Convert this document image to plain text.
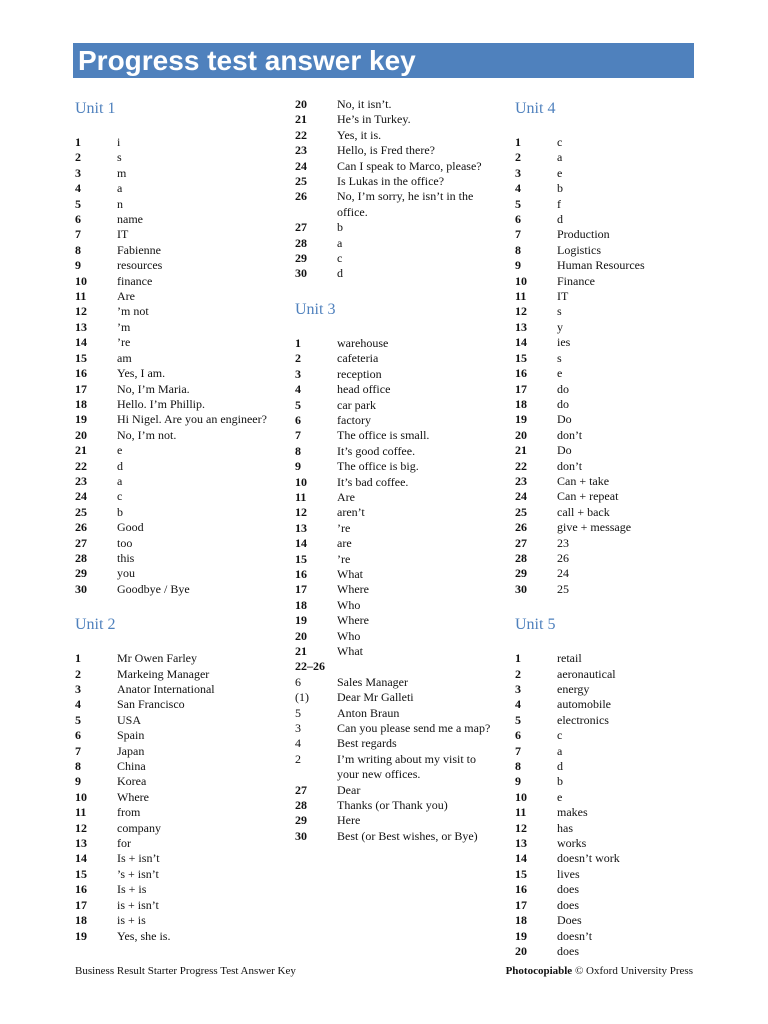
Progress test answer key
Unit 1
1	i
2	s
3	m
4	a
5	n
6	name
7	IT
8	Fabienne
9	resources
10	finance
11	Are
12	’m not
13	’m
14	’re
15	am
16	Yes, I am.
17	No, I’m Maria.
18	Hello. I’m Phillip.
19	Hi Nigel. Are you an engineer?
20	No, I’m not.
21	e
22	d
23	a
24	c
25	b
26	Good
27	too
28	this
29	you
30	Goodbye / Bye
Unit 2
1	Mr Owen Farley
2	Markeing Manager
3	Anator International
4	San Francisco
5	USA
6	Spain
7	Japan
8	China
9	Korea
10	Where
11	from
12	company
13	for
14	Is + isn’t
15	’s + isn’t
16	Is + is
17	is + isn’t
18	is + is
19	Yes, she is.
20	No, it isn’t.
21	He’s in Turkey.
22	Yes, it is.
23	Hello, is Fred there?
24	Can I speak to Marco, please?
25	Is Lukas in the office?
26	No, I’m sorry, he isn’t in the office.
27	b
28	a
29	c
30	d
Unit 3
1	warehouse
2	cafeteria
3	reception
4	head office
5	car park
6	factory
7	The office is small.
8	It’s good coffee.
9	The office is big.
10	It’s bad coffee.
11	Are
12	aren’t
13	’re
14	are
15	’re
16	What
17	Where
18	Who
19	Where
20	Who
21	What
22–26
6	Sales Manager
(1)	Dear Mr Galleti
5	Anton Braun
3	Can you please send me a map?
4	Best regards
2	I’m writing about my visit to your new offices.
27	Dear
28	Thanks (or Thank you)
29	Here
30	Best (or Best wishes, or Bye)
Unit 4
1	c
2	a
3	e
4	b
5	f
6	d
7	Production
8	Logistics
9	Human Resources
10	Finance
11	IT
12	s
13	y
14	ies
15	s
16	e
17	do
18	do
19	Do
20	don’t
21	Do
22	don’t
23	Can + take
24	Can + repeat
25	call + back
26	give + message
27	23
28	26
29	24
30	25
Unit 5
1	retail
2	aeronautical
3	energy
4	automobile
5	electronics
6	c
7	a
8	d
9	b
10	e
11	makes
12	has
13	works
14	doesn’t work
15	lives
16	does
17	does
18	Does
19	doesn’t
20	does
Business Result Starter Progress Test Answer Key	Photocopiable © Oxford University Press
